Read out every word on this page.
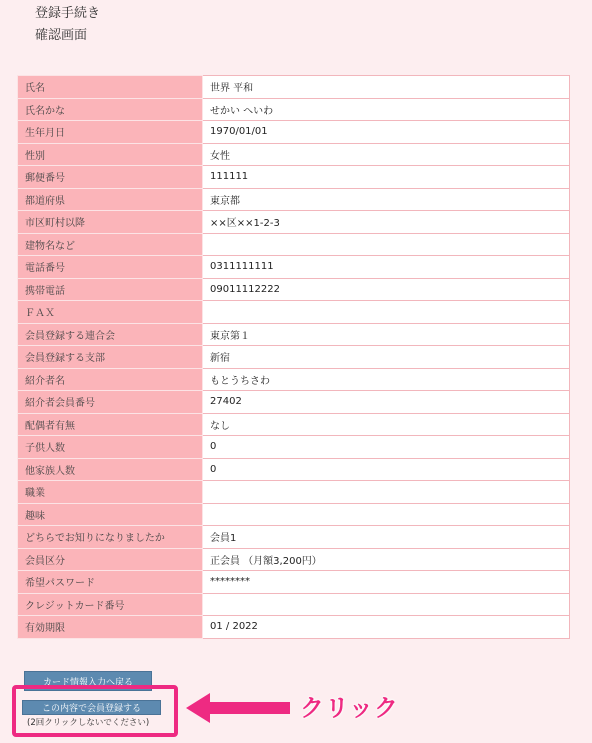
登録手続き
確認画面
氏名	世界 平和
氏名かな	せかい へいわ
生年月日	1970/01/01
性別	女性
郵便番号	111111
都道府県	東京都
市区町村以降	××区××1-2-3
建物名など	
電話番号	0311111111
携帯電話	09011112222
ＦＡＸ	
会員登録する連合会	東京第１
会員登録する支部	新宿
紹介者名	もとうちさわ
紹介者会員番号	27402
配偶者有無	なし
子供人数	0
他家族人数	0
職業	
趣味	
どちらでお知りになりましたか	会員1
会員区分	正会員 （月額3,200円）
希望パスワード	********
クレジットカード番号	
有効期限	01 / 2022
カード情報入力へ戻る
この内容で会員登録する
(2回クリックしないでください)
クリック
